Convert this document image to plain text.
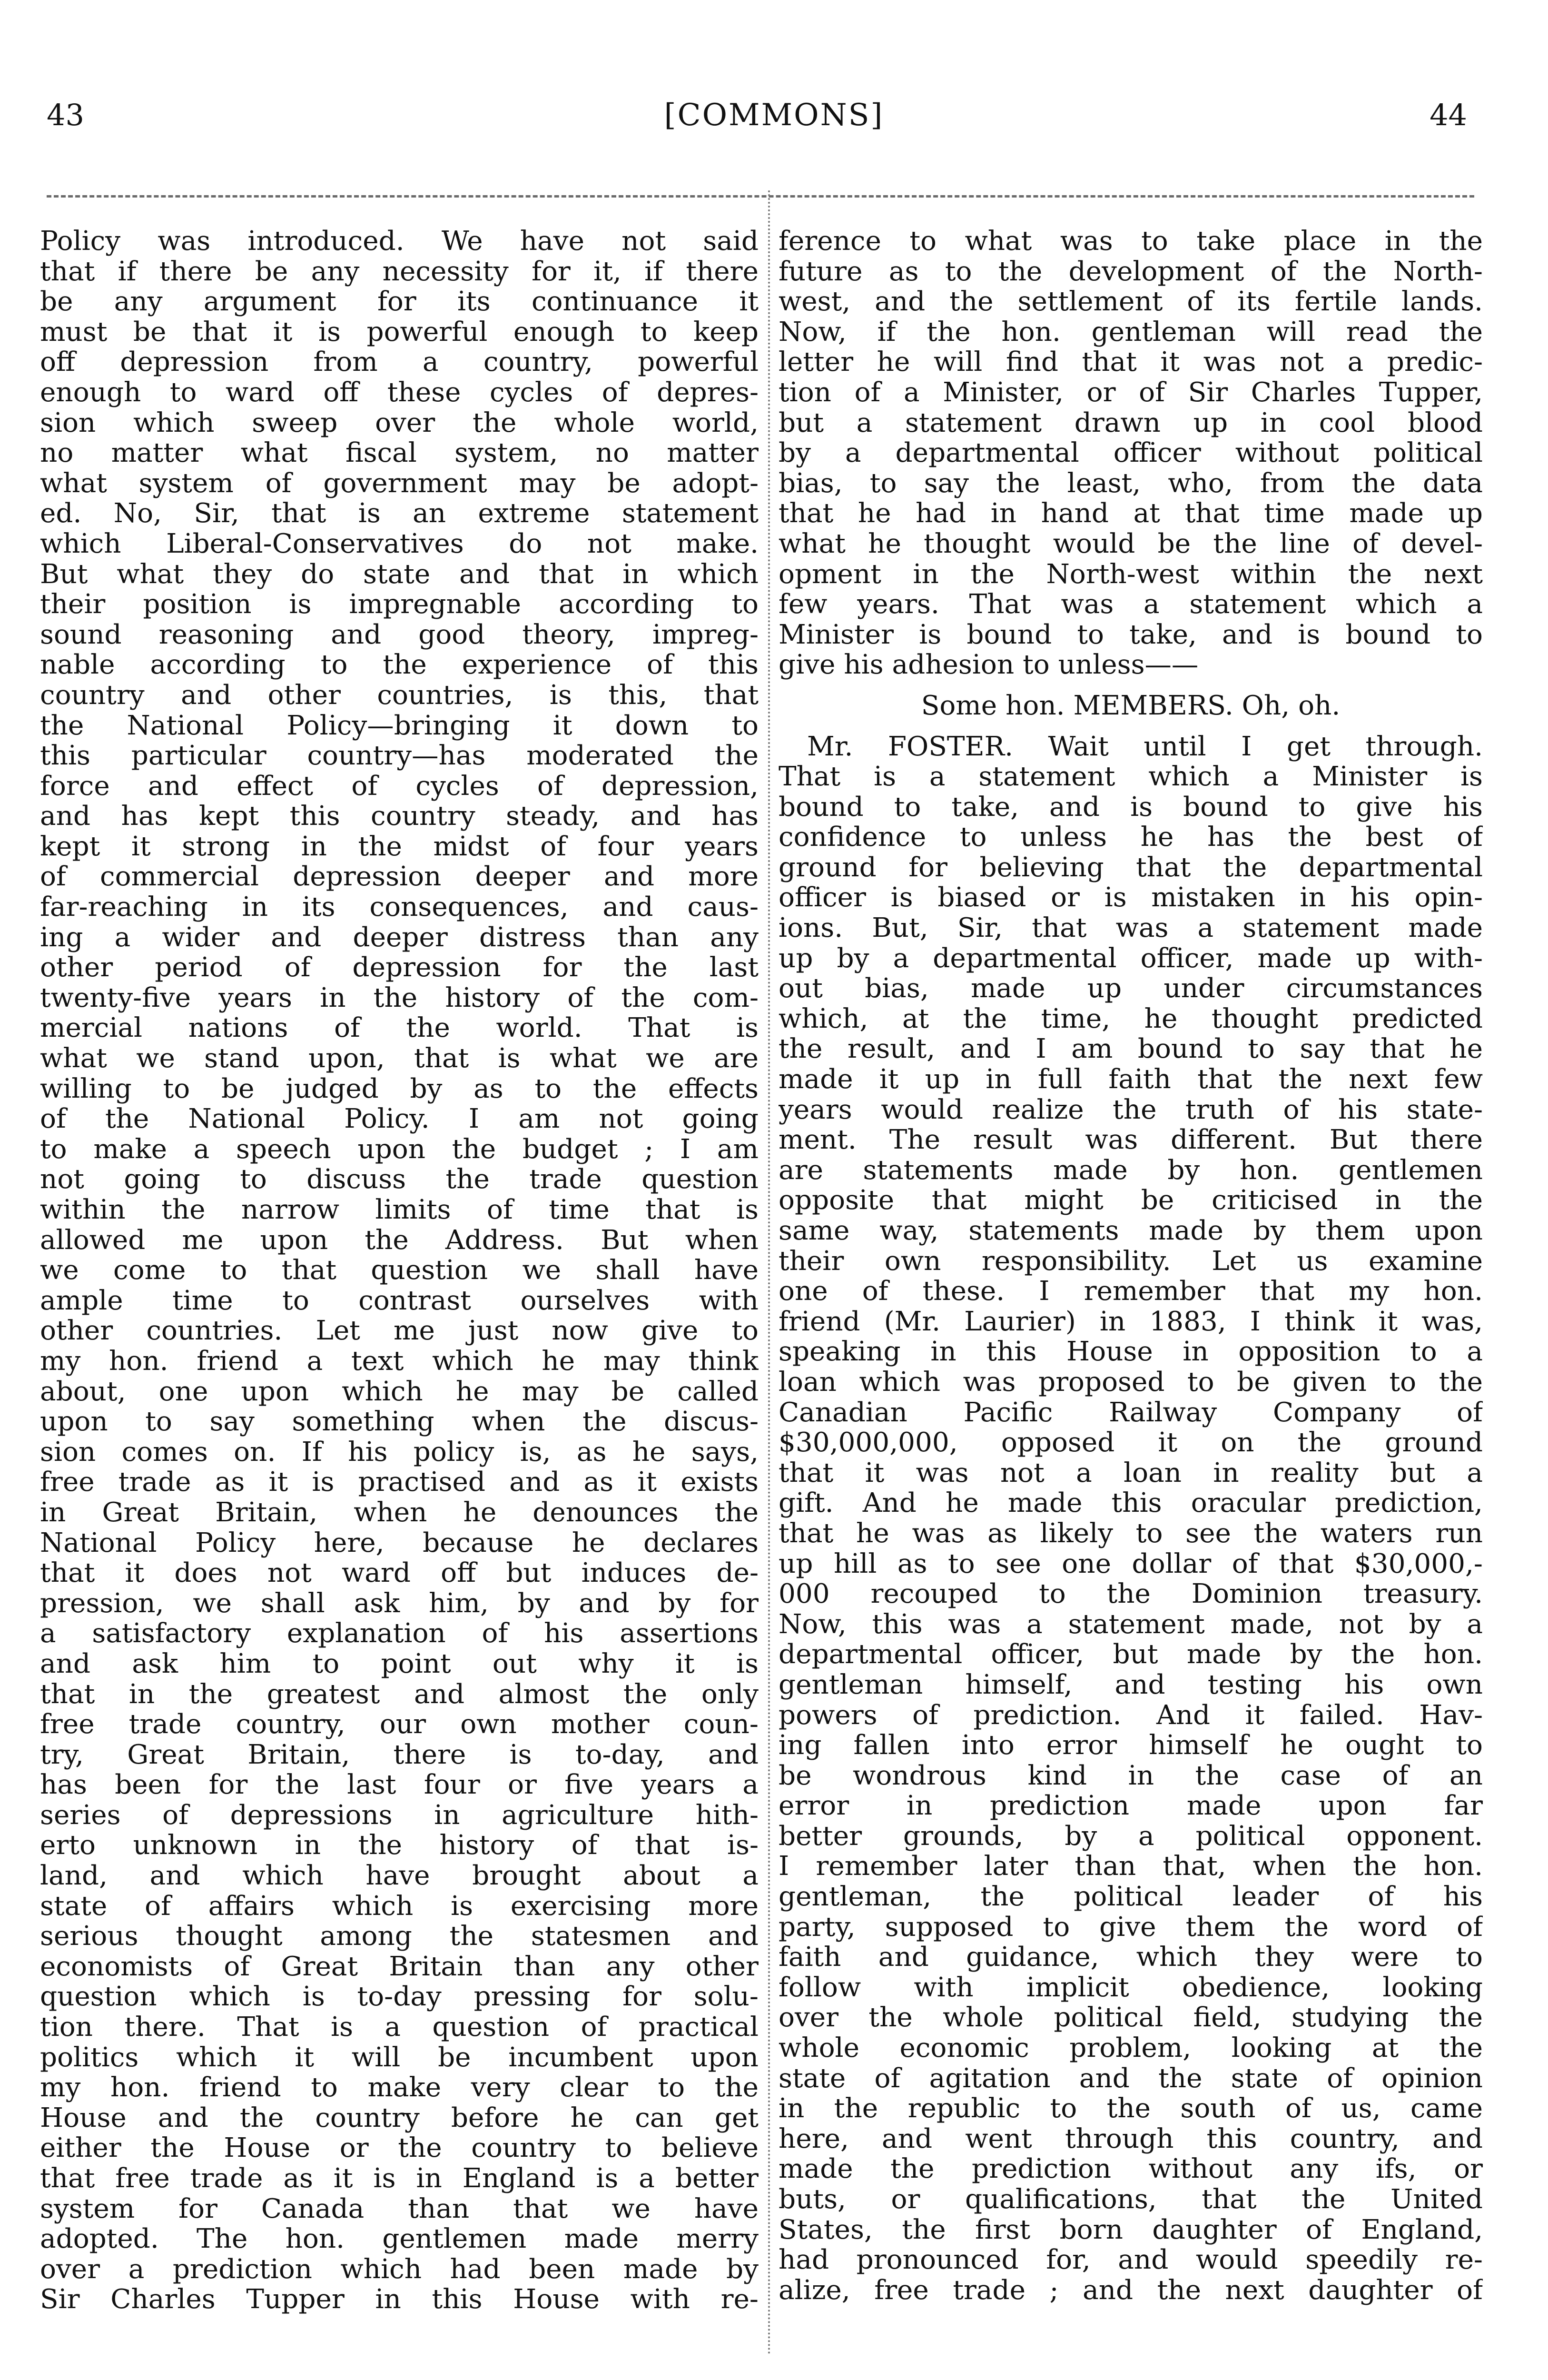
43	[COMMONS]	44
Policy was introduced. We have not said
that if there be any necessity for it, if there
be any argument for its continuance it
must be that it is powerful enough to keep
off depression from a country, powerful
enough to ward off these cycles of depres-
sion which sweep over the whole world,
no matter what fiscal system, no matter
what system of government may be adopt-
ed. No, Sir, that is an extreme statement
which Liberal-Conservatives do not make.
But what they do state and that in which
their position is impregnable according to
sound reasoning and good theory, impreg-
nable according to the experience of this
country and other countries, is this, that
the National Policy—bringing it down to
this particular country—has moderated the
force and effect of cycles of depression,
and has kept this country steady, and has
kept it strong in the midst of four years
of commercial depression deeper and more
far-reaching in its consequences, and caus-
ing a wider and deeper distress than any
other period of depression for the last
twenty-five years in the history of the com-
mercial nations of the world. That is
what we stand upon, that is what we are
willing to be judged by as to the effects
of the National Policy. I am not going
to make a speech upon the budget ; I am
not going to discuss the trade question
within the narrow limits of time that is
allowed me upon the Address. But when
we come to that question we shall have
ample time to contrast ourselves with
other countries. Let me just now give to
my hon. friend a text which he may think
about, one upon which he may be called
upon to say something when the discus-
sion comes on. If his policy is, as he says,
free trade as it is practised and as it exists
in Great Britain, when he denounces the
National Policy here, because he declares
that it does not ward off but induces de-
pression, we shall ask him, by and by for
a satisfactory explanation of his assertions
and ask him to point out why it is
that in the greatest and almost the only
free trade country, our own mother coun-
try, Great Britain, there is to-day, and
has been for the last four or five years a
series of depressions in agriculture hith-
erto unknown in the history of that is-
land, and which have brought about a
state of affairs which is exercising more
serious thought among the statesmen and
economists of Great Britain than any other
question which is to-day pressing for solu-
tion there. That is a question of practical
politics which it will be incumbent upon
my hon. friend to make very clear to the
House and the country before he can get
either the House or the country to believe
that free trade as it is in England is a better
system for Canada than that we have
adopted. The hon. gentlemen made merry
over a prediction which had been made by
Sir Charles Tupper in this House with re-
ference to what was to take place in the
future as to the development of the North-
west, and the settlement of its fertile lands.
Now, if the hon. gentleman will read the
letter he will find that it was not a predic-
tion of a Minister, or of Sir Charles Tupper,
but a statement drawn up in cool blood
by a departmental officer without political
bias, to say the least, who, from the data
that he had in hand at that time made up
what he thought would be the line of devel-
opment in the North-west within the next
few years. That was a statement which a
Minister is bound to take, and is bound to
give his adhesion to unless——
Some hon. MEMBERS. Oh, oh.
Mr. FOSTER. Wait until I get through.
That is a statement which a Minister is
bound to take, and is bound to give his
confidence to unless he has the best of
ground for believing that the departmental
officer is biased or is mistaken in his opin-
ions. But, Sir, that was a statement made
up by a departmental officer, made up with-
out bias, made up under circumstances
which, at the time, he thought predicted
the result, and I am bound to say that he
made it up in full faith that the next few
years would realize the truth of his state-
ment. The result was different. But there
are statements made by hon. gentlemen
opposite that might be criticised in the
same way, statements made by them upon
their own responsibility. Let us examine
one of these. I remember that my hon.
friend (Mr. Laurier) in 1883, I think it was,
speaking in this House in opposition to a
loan which was proposed to be given to the
Canadian Pacific Railway Company of
$30,000,000, opposed it on the ground
that it was not a loan in reality but a
gift. And he made this oracular prediction,
that he was as likely to see the waters run
up hill as to see one dollar of that $30,000,-
000 recouped to the Dominion treasury.
Now, this was a statement made, not by a
departmental officer, but made by the hon.
gentleman himself, and testing his own
powers of prediction. And it failed. Hav-
ing fallen into error himself he ought to
be wondrous kind in the case of an
error in prediction made upon far
better grounds, by a political opponent.
I remember later than that, when the hon.
gentleman, the political leader of his
party, supposed to give them the word of
faith and guidance, which they were to
follow with implicit obedience, looking
over the whole political field, studying the
whole economic problem, looking at the
state of agitation and the state of opinion
in the republic to the south of us, came
here, and went through this country, and
made the prediction without any ifs, or
buts, or qualifications, that the United
States, the first born daughter of England,
had pronounced for, and would speedily re-
alize, free trade ; and the next daughter of
